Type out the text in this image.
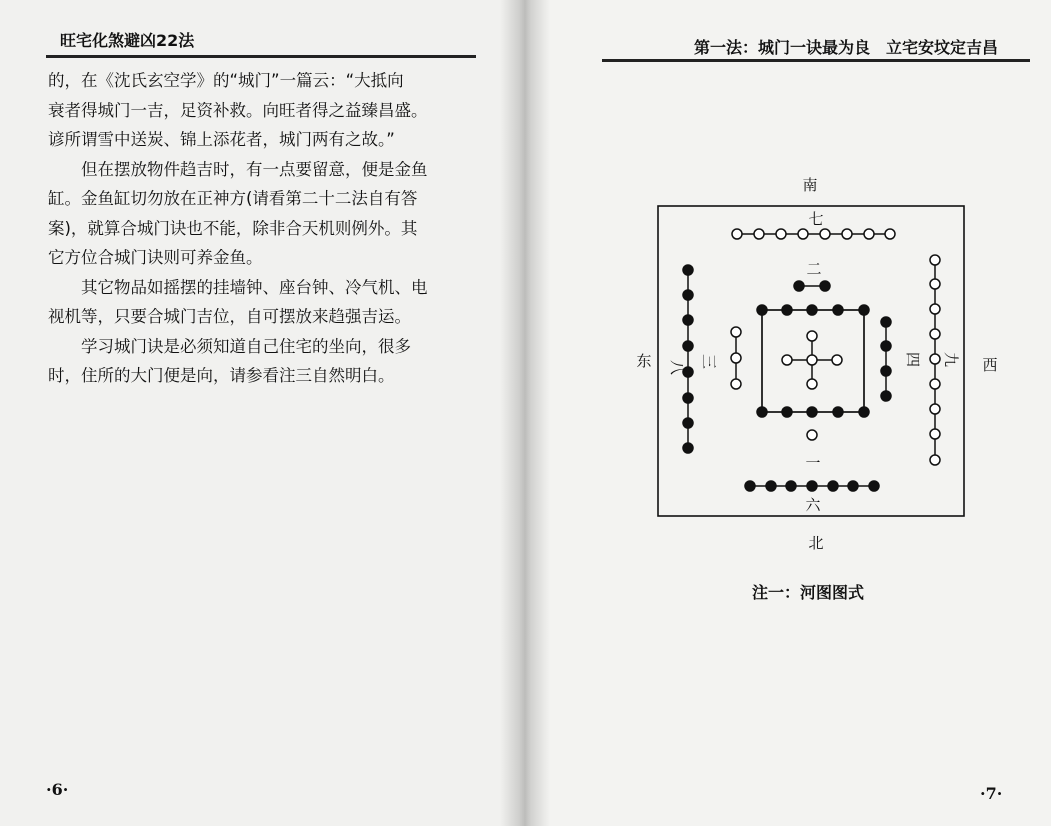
旺宅化煞避凶22法

的，在《沈氏玄空学》的“城门”一篇云：“大抵向

衰者得城门一吉，足资补救。向旺者得之益臻昌盛。

谚所谓雪中送炭、锦上添花者，城门两有之故。”

　　但在摆放物件趋吉时，有一点要留意，便是金鱼

缸。金鱼缸切勿放在正神方(请看第二十二法自有答

案)，就算合城门诀也不能，除非合天机则例外。其

它方位合城门诀则可养金鱼。

　　其它物品如摇摆的挂墙钟、座台钟、冷气机、电

视机等，只要合城门吉位，自可摆放来趋强吉运。

　　学习城门诀是必须知道自己住宅的坐向，很多

时，住所的大门便是向，请参看注三自然明白。

·6·
第一法：城门一诀最为良　立宅安坟定吉昌
·7·
南
北
东	西
七
二
八 三	四 九
一
六
注一：河图图式
